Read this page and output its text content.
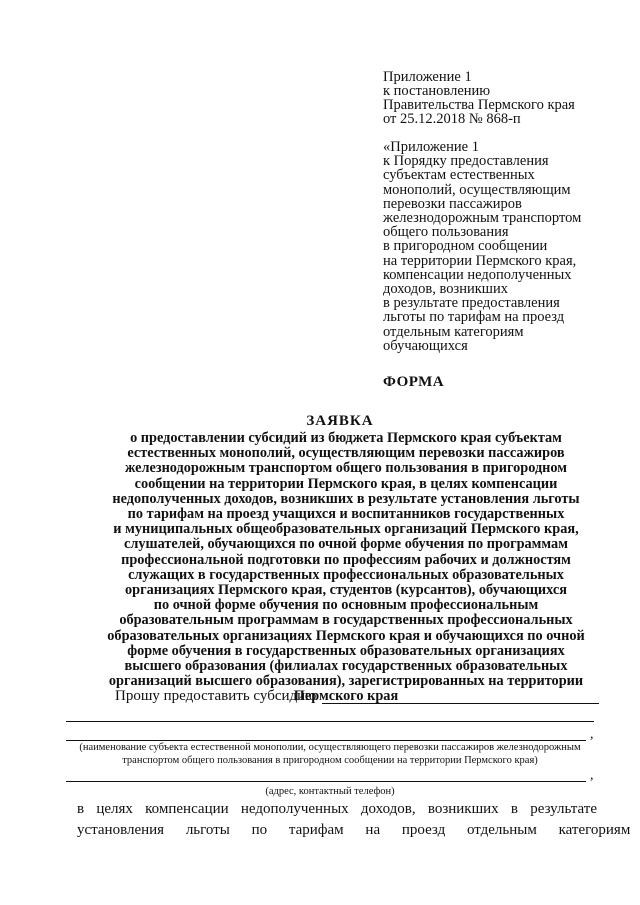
Приложение 1
к постановлению
Правительства Пермского края
от 25.12.2018 № 868-п
«Приложение 1
к Порядку предоставления
субъектам естественных
монополий, осуществляющим
перевозки пассажиров
железнодорожным транспортом
общего пользования
в пригородном сообщении
на территории Пермского края,
компенсации недополученных
доходов, возникших
в результате предоставления
льготы по тарифам на проезд
отдельным категориям
обучающихся
ФОРМА
ЗАЯВКА
о предоставлении субсидий из бюджета Пермского края субъектам
естественных монополий, осуществляющим перевозки пассажиров
железнодорожным транспортом общего пользования в пригородном
сообщении на территории Пермского края, в целях компенсации
недополученных доходов, возникших в результате установления льготы
по тарифам на проезд учащихся и воспитанников государственных
и муниципальных общеобразовательных организаций Пермского края,
слушателей, обучающихся по очной форме обучения по программам
профессиональной подготовки по профессиям рабочих и должностям
служащих в государственных профессиональных образовательных
организациях Пермского края, студентов (курсантов), обучающихся
по очной форме обучения по основным профессиональным
образовательным программам в государственных профессиональных
образовательных организациях Пермского края и обучающихся по очной
форме обучения в государственных образовательных организациях
высшего образования (филиалах государственных образовательных
организаций высшего образования), зарегистрированных на территории
Пермского края
Прошу предоставить субсидию
,
(наименование субъекта естественной монополии, осуществляющего перевозки пассажиров железнодорожным
транспортом общего пользования в пригородном сообщении на территории Пермского края)
,
(адрес, контактный телефон)
в целях компенсации недополученных доходов, возникших в результате
установления льготы по тарифам на проезд отдельным категориям
